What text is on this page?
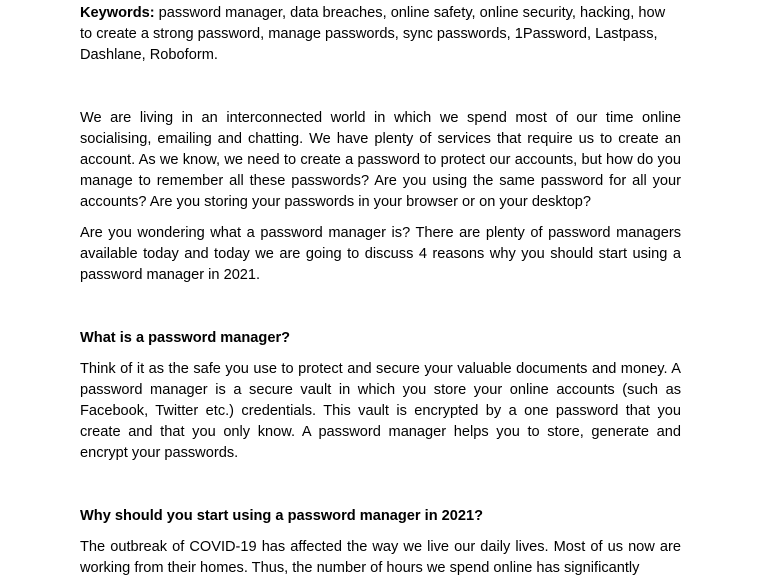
Keywords: password manager, data breaches, online safety, online security, hacking, how to create a strong password, manage passwords, sync passwords, 1Password, Lastpass, Dashlane, Roboform.

We are living in an interconnected world in which we spend most of our time online socialising, emailing and chatting. We have plenty of services that require us to create an account. As we know, we need to create a password to protect our accounts, but how do you manage to remember all these passwords? Are you using the same password for all your accounts? Are you storing your passwords in your browser or on your desktop?

Are you wondering what a password manager is? There are plenty of password managers available today and today we are going to discuss 4 reasons why you should start using a password manager in 2021.

What is a password manager?

Think of it as the safe you use to protect and secure your valuable documents and money. A password manager is a secure vault in which you store your online accounts (such as Facebook, Twitter etc.) credentials. This vault is encrypted by a one password that you create and that you only know. A password manager helps you to store, generate and encrypt your passwords.

Why should you start using a password manager in 2021?

The outbreak of COVID-19 has affected the way we live our daily lives. Most of us now are working from their homes. Thus, the number of hours we spend online has significantly
